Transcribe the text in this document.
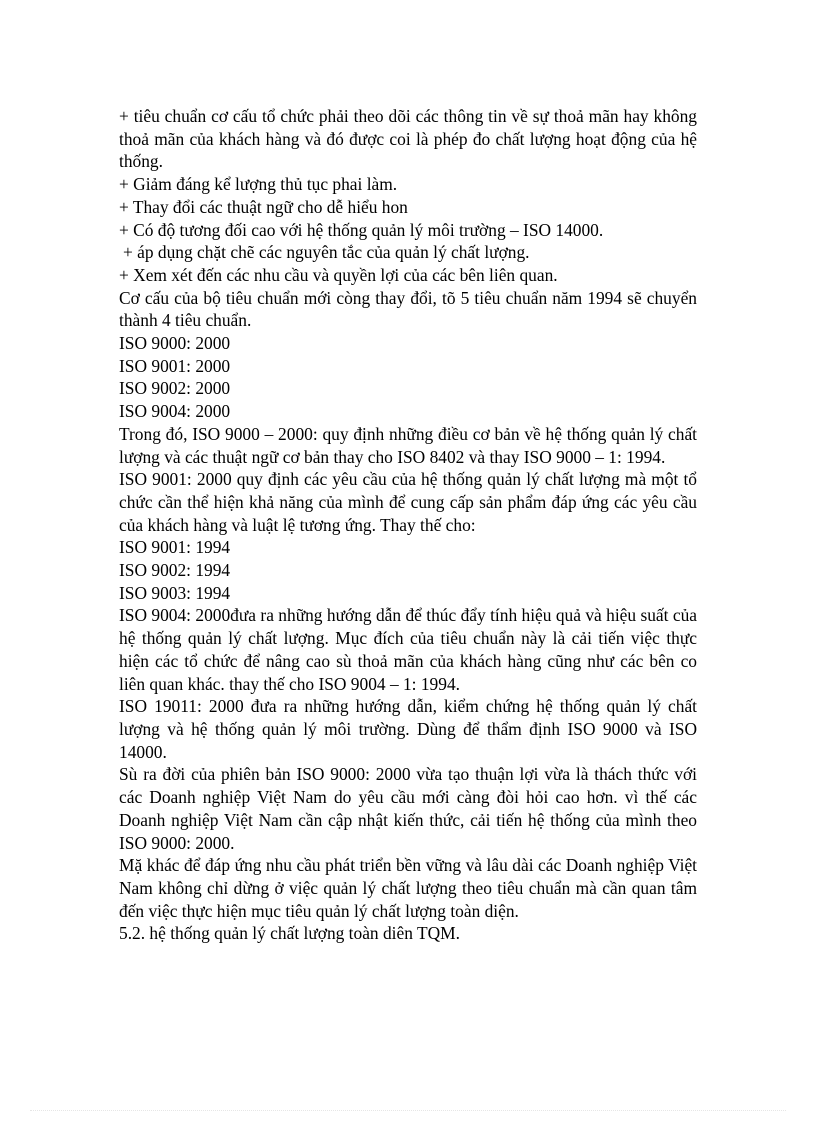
+ tiêu chuẩn cơ cấu tổ chức phải theo dõi các thông tin về sự thoả mãn hay không thoả mãn của khách hàng và đó được coi là phép đo chất lượng hoạt động của hệ thống.

+ Giảm đáng kể lượng thủ tục phai làm.

+ Thay đổi các thuật ngữ cho dễ hiểu hon

+ Có độ tương đối cao với hệ thống quản lý môi trường – ISO 14000.

+ áp dụng chặt chẽ các nguyên tắc của quản lý chất lượng.

+ Xem xét đến các nhu cầu và quyền lợi của các bên liên quan.

Cơ cấu của bộ tiêu chuẩn mới còng thay đổi, tõ 5 tiêu chuẩn năm 1994 sẽ chuyển thành 4 tiêu chuẩn.

ISO 9000: 2000

ISO 9001: 2000

ISO 9002: 2000

ISO 9004: 2000

Trong đó, ISO 9000 – 2000: quy định những điều cơ bản về hệ thống quản lý chất lượng và các thuật ngữ cơ bản thay cho ISO 8402 và thay ISO 9000 – 1: 1994.

ISO 9001: 2000 quy định các yêu cầu của hệ thống quản lý chất lượng mà một tổ chức cần thể hiện khả năng của mình để cung cấp sản phẩm đáp ứng các yêu cầu của khách hàng và luật lệ tương ứng. Thay thế cho:

ISO 9001: 1994

ISO 9002: 1994

ISO 9003: 1994

ISO 9004: 2000đưa ra những hướng dẫn để thúc đẩy tính hiệu quả và hiệu suất của hệ thống quản lý chất lượng. Mục đích của tiêu chuẩn này là cải tiến việc thực hiện các tổ chức để nâng cao sù thoả mãn của khách hàng cũng như các bên co liên quan khác. thay thế cho ISO 9004 – 1: 1994.

ISO 19011: 2000 đưa ra những hướng dẫn, kiểm chứng hệ thống quản lý chất lượng và hệ thống quản lý môi trường. Dùng để thẩm định ISO 9000 và ISO 14000.

Sù ra đời của phiên bản ISO 9000: 2000 vừa tạo thuận lợi vừa là thách thức với các Doanh nghiệp Việt Nam do yêu cầu mới càng đòi hỏi cao hơn. vì thế các Doanh nghiệp Việt Nam cần cập nhật kiến thức, cải tiến hệ thống của mình theo ISO 9000: 2000.

Mặ khác để đáp ứng nhu cầu phát triển bền vững và lâu dài các Doanh nghiệp Việt Nam không chỉ dừng ở việc quản lý chất lượng theo tiêu chuẩn mà cần quan tâm đến việc thực hiện mục tiêu quản lý chất lượng toàn diện.

5.2. hệ thống quản lý chất lượng toàn diên TQM.
